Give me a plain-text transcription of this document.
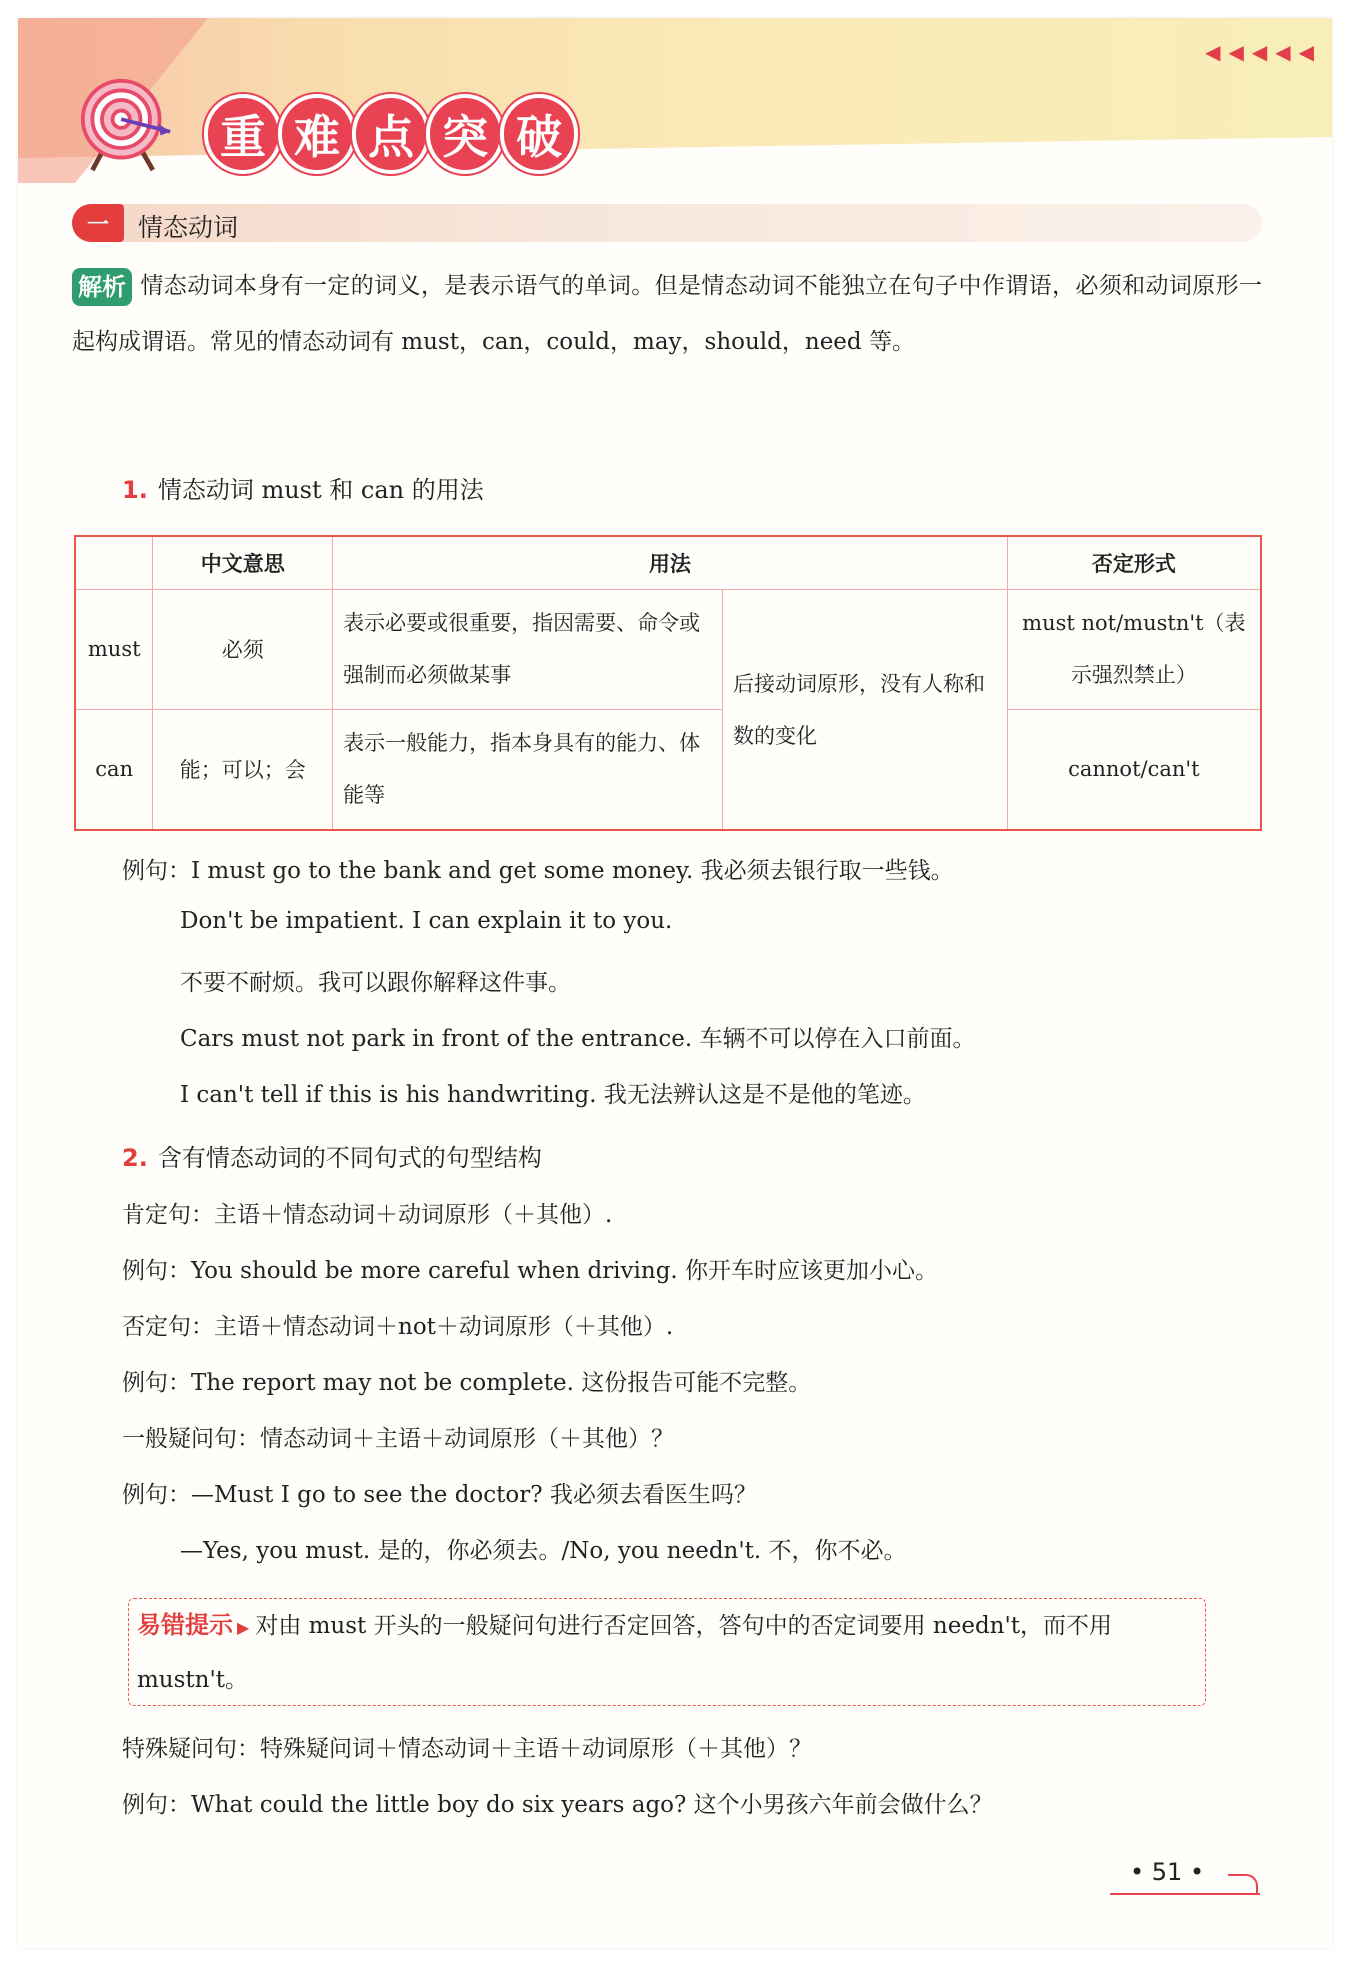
◀◀◀◀◀
重 难 点 突 破
一	情态动词
解析 情态动词本身有一定的词义，是表示语气的单词。但是情态动词不能独立在句子中作谓语，必须和动词原形一起构成谓语。常见的情态动词有 must，can，could，may，should，need 等。
1. 情态动词 must 和 can 的用法
	中文意思	用法		否定形式
must	必须	表示必要或很重要，指因需要、命令或强制而必须做某事	后接动词原形，没有人称和数的变化	must not/mustn't（表示强烈禁止）
can	能；可以；会	表示一般能力，指本身具有的能力、体能等		cannot/can't
例句：I must go to the bank and get some money. 我必须去银行取一些钱。
Don't be impatient. I can explain it to you.
不要不耐烦。我可以跟你解释这件事。
Cars must not park in front of the entrance. 车辆不可以停在入口前面。
I can't tell if this is his handwriting. 我无法辨认这是不是他的笔迹。
2. 含有情态动词的不同句式的句型结构
肯定句：主语＋情态动词＋动词原形（＋其他）.
例句：You should be more careful when driving. 你开车时应该更加小心。
否定句：主语＋情态动词＋not＋动词原形（＋其他）.
例句：The report may not be complete. 这份报告可能不完整。
一般疑问句：情态动词＋主语＋动词原形（＋其他）？
例句：—Must I go to see the doctor? 我必须去看医生吗？
—Yes, you must. 是的，你必须去。/No, you needn't. 不，你不必。
易错提示 ▶ 对由 must 开头的一般疑问句进行否定回答，答句中的否定词要用 needn't，而不用 mustn't。
特殊疑问句：特殊疑问词＋情态动词＋主语＋动词原形（＋其他）？
例句：What could the little boy do six years ago? 这个小男孩六年前会做什么？
• 51 •
